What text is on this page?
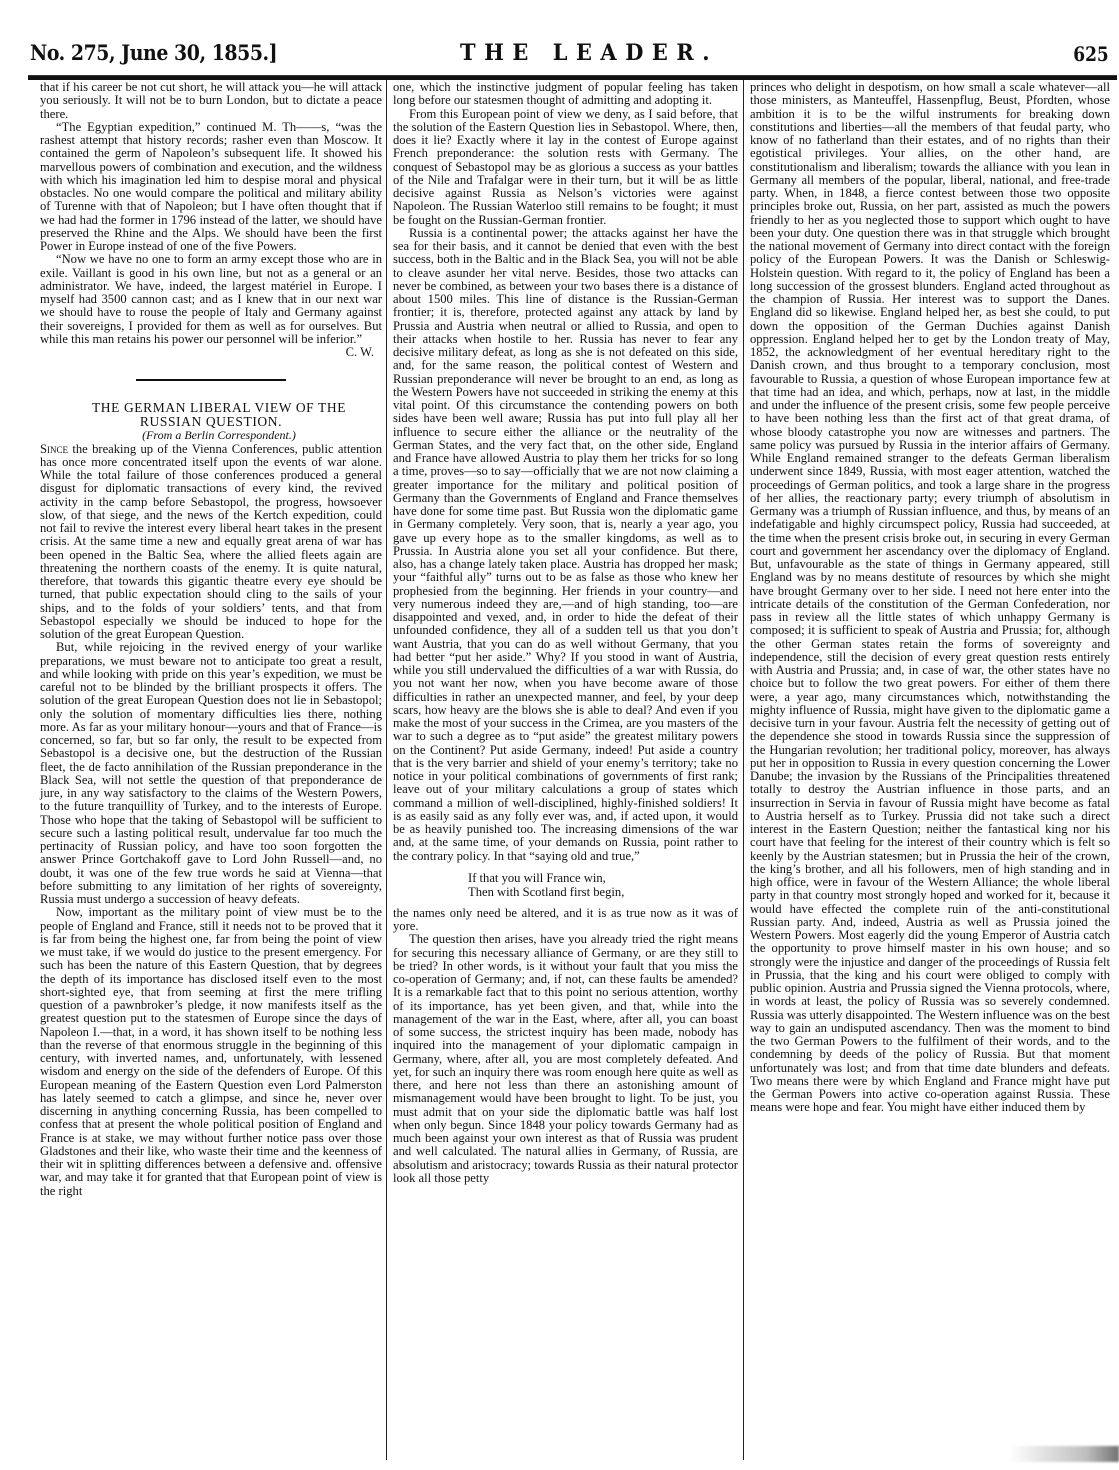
No. 275, June 30, 1855.]	THE LEADER.	625

that if his career be not cut short, he will attack you—he will attack you seriously. It will not be to burn London, but to dictate a peace there.

“The Egyptian expedition,” continued M. Th——s, “was the rashest attempt that history records; rasher even than Moscow. It contained the germ of Napoleon’s subsequent life. It showed his marvellous powers of combination and execution, and the wildness with which his imagination led him to despise moral and physical obstacles. No one would compare the political and military ability of Turenne with that of Napoleon; but I have often thought that if we had had the former in 1796 instead of the latter, we should have preserved the Rhine and the Alps. We should have been the first Power in Europe instead of one of the five Powers.

“Now we have no one to form an army except those who are in exile. Vaillant is good in his own line, but not as a general or an administrator. We have, indeed, the largest matériel in Europe. I myself had 3500 cannon cast; and as I knew that in our next war we should have to rouse the people of Italy and Germany against their sovereigns, I provided for them as well as for ourselves. But while this man retains his power our personnel will be inferior.”

C. W.

THE GERMAN LIBERAL VIEW OF THE
RUSSIAN QUESTION.

(From a Berlin Correspondent.)

Since the breaking up of the Vienna Conferences, public attention has once more concentrated itself upon the events of war alone. While the total failure of those conferences produced a general disgust for diplomatic transactions of every kind, the revived activity in the camp before Sebastopol, the progress, howsoever slow, of that siege, and the news of the Kertch expedition, could not fail to revive the interest every liberal heart takes in the present crisis. At the same time a new and equally great arena of war has been opened in the Baltic Sea, where the allied fleets again are threatening the northern coasts of the enemy. It is quite natural, therefore, that towards this gigantic theatre every eye should be turned, that public expectation should cling to the sails of your ships, and to the folds of your soldiers’ tents, and that from Sebastopol especially we should be induced to hope for the solution of the great European Question.

But, while rejoicing in the revived energy of your warlike preparations, we must beware not to anticipate too great a result, and while looking with pride on this year’s expedition, we must be careful not to be blinded by the brilliant prospects it offers. The solution of the great European Question does not lie in Sebastopol; only the solution of momentary difficulties lies there, nothing more. As far as your military honour—yours and that of France—is concerned, so far, but so far only, the result to be expected from Sebastopol is a decisive one, but the destruction of the Russian fleet, the de facto annihilation of the Russian preponderance in the Black Sea, will not settle the question of that preponderance de jure, in any way satisfactory to the claims of the Western Powers, to the future tranquillity of Turkey, and to the interests of Europe. Those who hope that the taking of Sebastopol will be sufficient to secure such a lasting political result, undervalue far too much the pertinacity of Russian policy, and have too soon forgotten the answer Prince Gortchakoff gave to Lord John Russell—and, no doubt, it was one of the few true words he said at Vienna—that before submitting to any limitation of her rights of sovereignty, Russia must undergo a succession of heavy defeats.

Now, important as the military point of view must be to the people of England and France, still it needs not to be proved that it is far from being the highest one, far from being the point of view we must take, if we would do justice to the present emergency. For such has been the nature of this Eastern Question, that by degrees the depth of its importance has disclosed itself even to the most short-sighted eye, that from seeming at first the mere trifling question of a pawnbroker’s pledge, it now manifests itself as the greatest question put to the statesmen of Europe since the days of Napoleon I.—that, in a word, it has shown itself to be nothing less than the reverse of that enormous struggle in the beginning of this century, with inverted names, and, unfortunately, with lessened wisdom and energy on the side of the defenders of Europe. Of this European meaning of the Eastern Question even Lord Palmerston has lately seemed to catch a glimpse, and since he, never over discerning in anything concerning Russia, has been compelled to confess that at present the whole political position of England and France is at stake, we may without further notice pass over those Gladstones and their like, who waste their time and the keenness of their wit in splitting differences between a defensive and. offensive war, and may take it for granted that that European point of view is the right

one, which the instinctive judgment of popular feeling has taken long before our statesmen thought of admitting and adopting it.

From this European point of view we deny, as I said before, that the solution of the Eastern Question lies in Sebastopol. Where, then, does it lie? Exactly where it lay in the contest of Europe against French preponderance: the solution rests with Germany. The conquest of Sebastopol may be as glorious a success as your battles of the Nile and Trafalgar were in their turn, but it will be as little decisive against Russia as Nelson’s victories were against Napoleon. The Russian Waterloo still remains to be fought; it must be fought on the Russian-German frontier.

Russia is a continental power; the attacks against her have the sea for their basis, and it cannot be denied that even with the best success, both in the Baltic and in the Black Sea, you will not be able to cleave asunder her vital nerve. Besides, those two attacks can never be combined, as between your two bases there is a distance of about 1500 miles. This line of distance is the Russian-German frontier; it is, therefore, protected against any attack by land by Prussia and Austria when neutral or allied to Russia, and open to their attacks when hostile to her. Russia has never to fear any decisive military defeat, as long as she is not defeated on this side, and, for the same reason, the political contest of Western and Russian preponderance will never be brought to an end, as long as the Western Powers have not succeeded in striking the enemy at this vital point. Of this circumstance the contending powers on both sides have been well aware; Russia has put into full play all her influence to secure either the alliance or the neutrality of the German States, and the very fact that, on the other side, England and France have allowed Austria to play them her tricks for so long a time, proves—so to say—officially that we are not now claiming a greater importance for the military and political position of Germany than the Governments of England and France themselves have done for some time past. But Russia won the diplomatic game in Germany completely. Very soon, that is, nearly a year ago, you gave up every hope as to the smaller kingdoms, as well as to Prussia. In Austria alone you set all your confidence. But there, also, has a change lately taken place. Austria has dropped her mask; your “faithful ally” turns out to be as false as those who knew her prophesied from the beginning. Her friends in your country—and very numerous indeed they are,—and of high standing, too—are disappointed and vexed, and, in order to hide the defeat of their unfounded confidence, they all of a sudden tell us that you don’t want Austria, that you can do as well without Germany, that you had better “put her aside.” Why? If you stood in want of Austria, while you still undervalued the difficulties of a war with Russia, do you not want her now, when you have become aware of those difficulties in rather an unexpected manner, and feel, by your deep scars, how heavy are the blows she is able to deal? And even if you make the most of your success in the Crimea, are you masters of the war to such a degree as to “put aside” the greatest military powers on the Continent? Put aside Germany, indeed! Put aside a country that is the very barrier and shield of your enemy’s territory; take no notice in your political combinations of governments of first rank; leave out of your military calculations a group of states which command a million of well-disciplined, highly-finished soldiers! It is as easily said as any folly ever was, and, if acted upon, it would be as heavily punished too. The increasing dimensions of the war and, at the same time, of your demands on Russia, point rather to the contrary policy. In that “saying old and true,”

If that you will France win,
Then with Scotland first begin,

the names only need be altered, and it is as true now as it was of yore.

The question then arises, have you already tried the right means for securing this necessary alliance of Germany, or are they still to be tried? In other words, is it without your fault that you miss the co-operation of Germany; and, if not, can these faults be amended? It is a remarkable fact that to this point no serious attention, worthy of its importance, has yet been given, and that, while into the management of the war in the East, where, after all, you can boast of some success, the strictest inquiry has been made, nobody has inquired into the management of your diplomatic campaign in Germany, where, after all, you are most completely defeated. And yet, for such an inquiry there was room enough here quite as well as there, and here not less than there an astonishing amount of mismanagement would have been brought to light. To be just, you must admit that on your side the diplomatic battle was half lost when only begun. Since 1848 your policy towards Germany had as much been against your own interest as that of Russia was prudent and well calculated. The natural allies in Germany, of Russia, are absolutism and aristocracy; towards Russia as their natural protector look all those petty

princes who delight in despotism, on how small a scale whatever—all those ministers, as Manteuffel, Hassenpflug, Beust, Pfordten, whose ambition it is to be the wilful instruments for breaking down constitutions and liberties—all the members of that feudal party, who know of no fatherland than their estates, and of no rights than their egotistical privileges. Your allies, on the other hand, are constitutionalism and liberalism; towards the alliance with you lean in Germany all members of the popular, liberal, national, and free-trade party. When, in 1848, a fierce contest between those two opposite principles broke out, Russia, on her part, assisted as much the powers friendly to her as you neglected those to support which ought to have been your duty. One question there was in that struggle which brought the national movement of Germany into direct contact with the foreign policy of the European Powers. It was the Danish or Schleswig-Holstein question. With regard to it, the policy of England has been a long succession of the grossest blunders. England acted throughout as the champion of Russia. Her interest was to support the Danes. England did so likewise. England helped her, as best she could, to put down the opposition of the German Duchies against Danish oppression. England helped her to get by the London treaty of May, 1852, the acknowledgment of her eventual hereditary right to the Danish crown, and thus brought to a temporary conclusion, most favourable to Russia, a question of whose European importance few at that time had an idea, and which, perhaps, now at last, in the middle and under the influence of the present crisis, some few people perceive to have been nothing less than the first act of that great drama, of whose bloody catastrophe you now are witnesses and partners. The same policy was pursued by Russia in the interior affairs of Germany. While England remained stranger to the defeats German liberalism underwent since 1849, Russia, with most eager attention, watched the proceedings of German politics, and took a large share in the progress of her allies, the reactionary party; every triumph of absolutism in Germany was a triumph of Russian influence, and thus, by means of an indefatigable and highly circumspect policy, Russia had succeeded, at the time when the present crisis broke out, in securing in every German court and government her ascendancy over the diplomacy of England. But, unfavourable as the state of things in Germany appeared, still England was by no means destitute of resources by which she might have brought Germany over to her side. I need not here enter into the intricate details of the constitution of the German Confederation, nor pass in review all the little states of which unhappy Germany is composed; it is sufficient to speak of Austria and Prussia; for, although the other German states retain the forms of sovereignty and independence, still the decision of every great question rests entirely with Austria and Prussia; and, in case of war, the other states have no choice but to follow the two great powers. For either of them there were, a year ago, many circumstances which, notwithstanding the mighty influence of Russia, might have given to the diplomatic game a decisive turn in your favour. Austria felt the necessity of getting out of the dependence she stood in towards Russia since the suppression of the Hungarian revolution; her traditional policy, moreover, has always put her in opposition to Russia in every question concerning the Lower Danube; the invasion by the Russians of the Principalities threatened totally to destroy the Austrian influence in those parts, and an insurrection in Servia in favour of Russia might have become as fatal to Austria herself as to Turkey. Prussia did not take such a direct interest in the Eastern Question; neither the fantastical king nor his court have that feeling for the interest of their country which is felt so keenly by the Austrian statesmen; but in Prussia the heir of the crown, the king’s brother, and all his followers, men of high standing and in high office, were in favour of the Western Alliance; the whole liberal party in that country most strongly hoped and worked for it, because it would have effected the complete ruin of the anti-constitutional Russian party. And, indeed, Austria as well as Prussia joined the Western Powers. Most eagerly did the young Emperor of Austria catch the opportunity to prove himself master in his own house; and so strongly were the injustice and danger of the proceedings of Russia felt in Prussia, that the king and his court were obliged to comply with public opinion. Austria and Prussia signed the Vienna protocols, where, in words at least, the policy of Russia was so severely condemned. Russia was utterly disappointed. The Western influence was on the best way to gain an undisputed ascendancy. Then was the moment to bind the two German Powers to the fulfilment of their words, and to the condemning by deeds of the policy of Russia. But that moment unfortunately was lost; and from that time date blunders and defeats. Two means there were by which England and France might have put the German Powers into active co-operation against Russia. These means were hope and fear. You might have either induced them by
